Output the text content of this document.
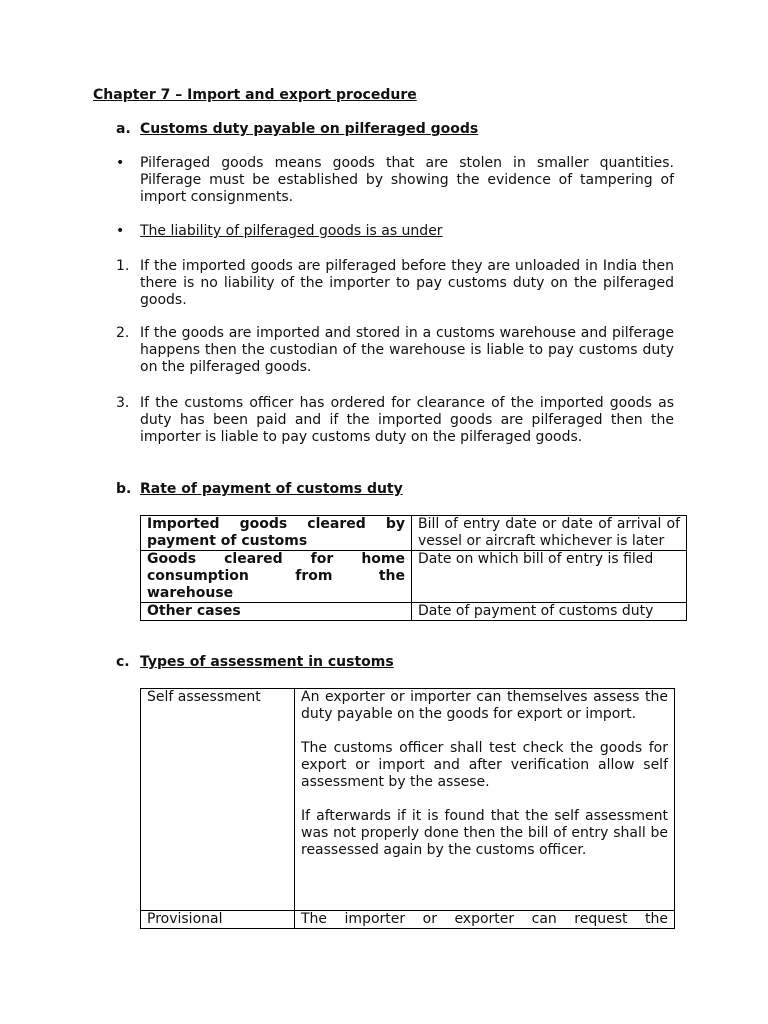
Chapter 7 – Import and export procedure
a. Customs duty payable on pilferaged goods
• Pilferaged goods means goods that are stolen in smaller quantities. Pilferage must be established by showing the evidence of tampering of import consignments.
• The liability of pilferaged goods is as under
1. If the imported goods are pilferaged before they are unloaded in India then there is no liability of the importer to pay customs duty on the pilferaged goods.
2. If the goods are imported and stored in a customs warehouse and pilferage happens then the custodian of the warehouse is liable to pay customs duty on the pilferaged goods.
3. If the customs officer has ordered for clearance of the imported goods as duty has been paid and if the imported goods are pilferaged then the importer is liable to pay customs duty on the pilferaged goods.
b. Rate of payment of customs duty
Imported goods cleared by payment of customs	Bill of entry date or date of arrival of vessel or aircraft whichever is later
Goods cleared for home consumption from the warehouse	Date on which bill of entry is filed
Other cases	Date of payment of customs duty
c. Types of assessment in customs
Self assessment	An exporter or importer can themselves assess the duty payable on the goods for export or import.

The customs officer shall test check the goods for export or import and after verification allow self assessment by the assese.

If afterwards if it is found that the self assessment was not properly done then the bill of entry shall be reassessed again by the customs officer.

Provisional	The importer or exporter can request the
